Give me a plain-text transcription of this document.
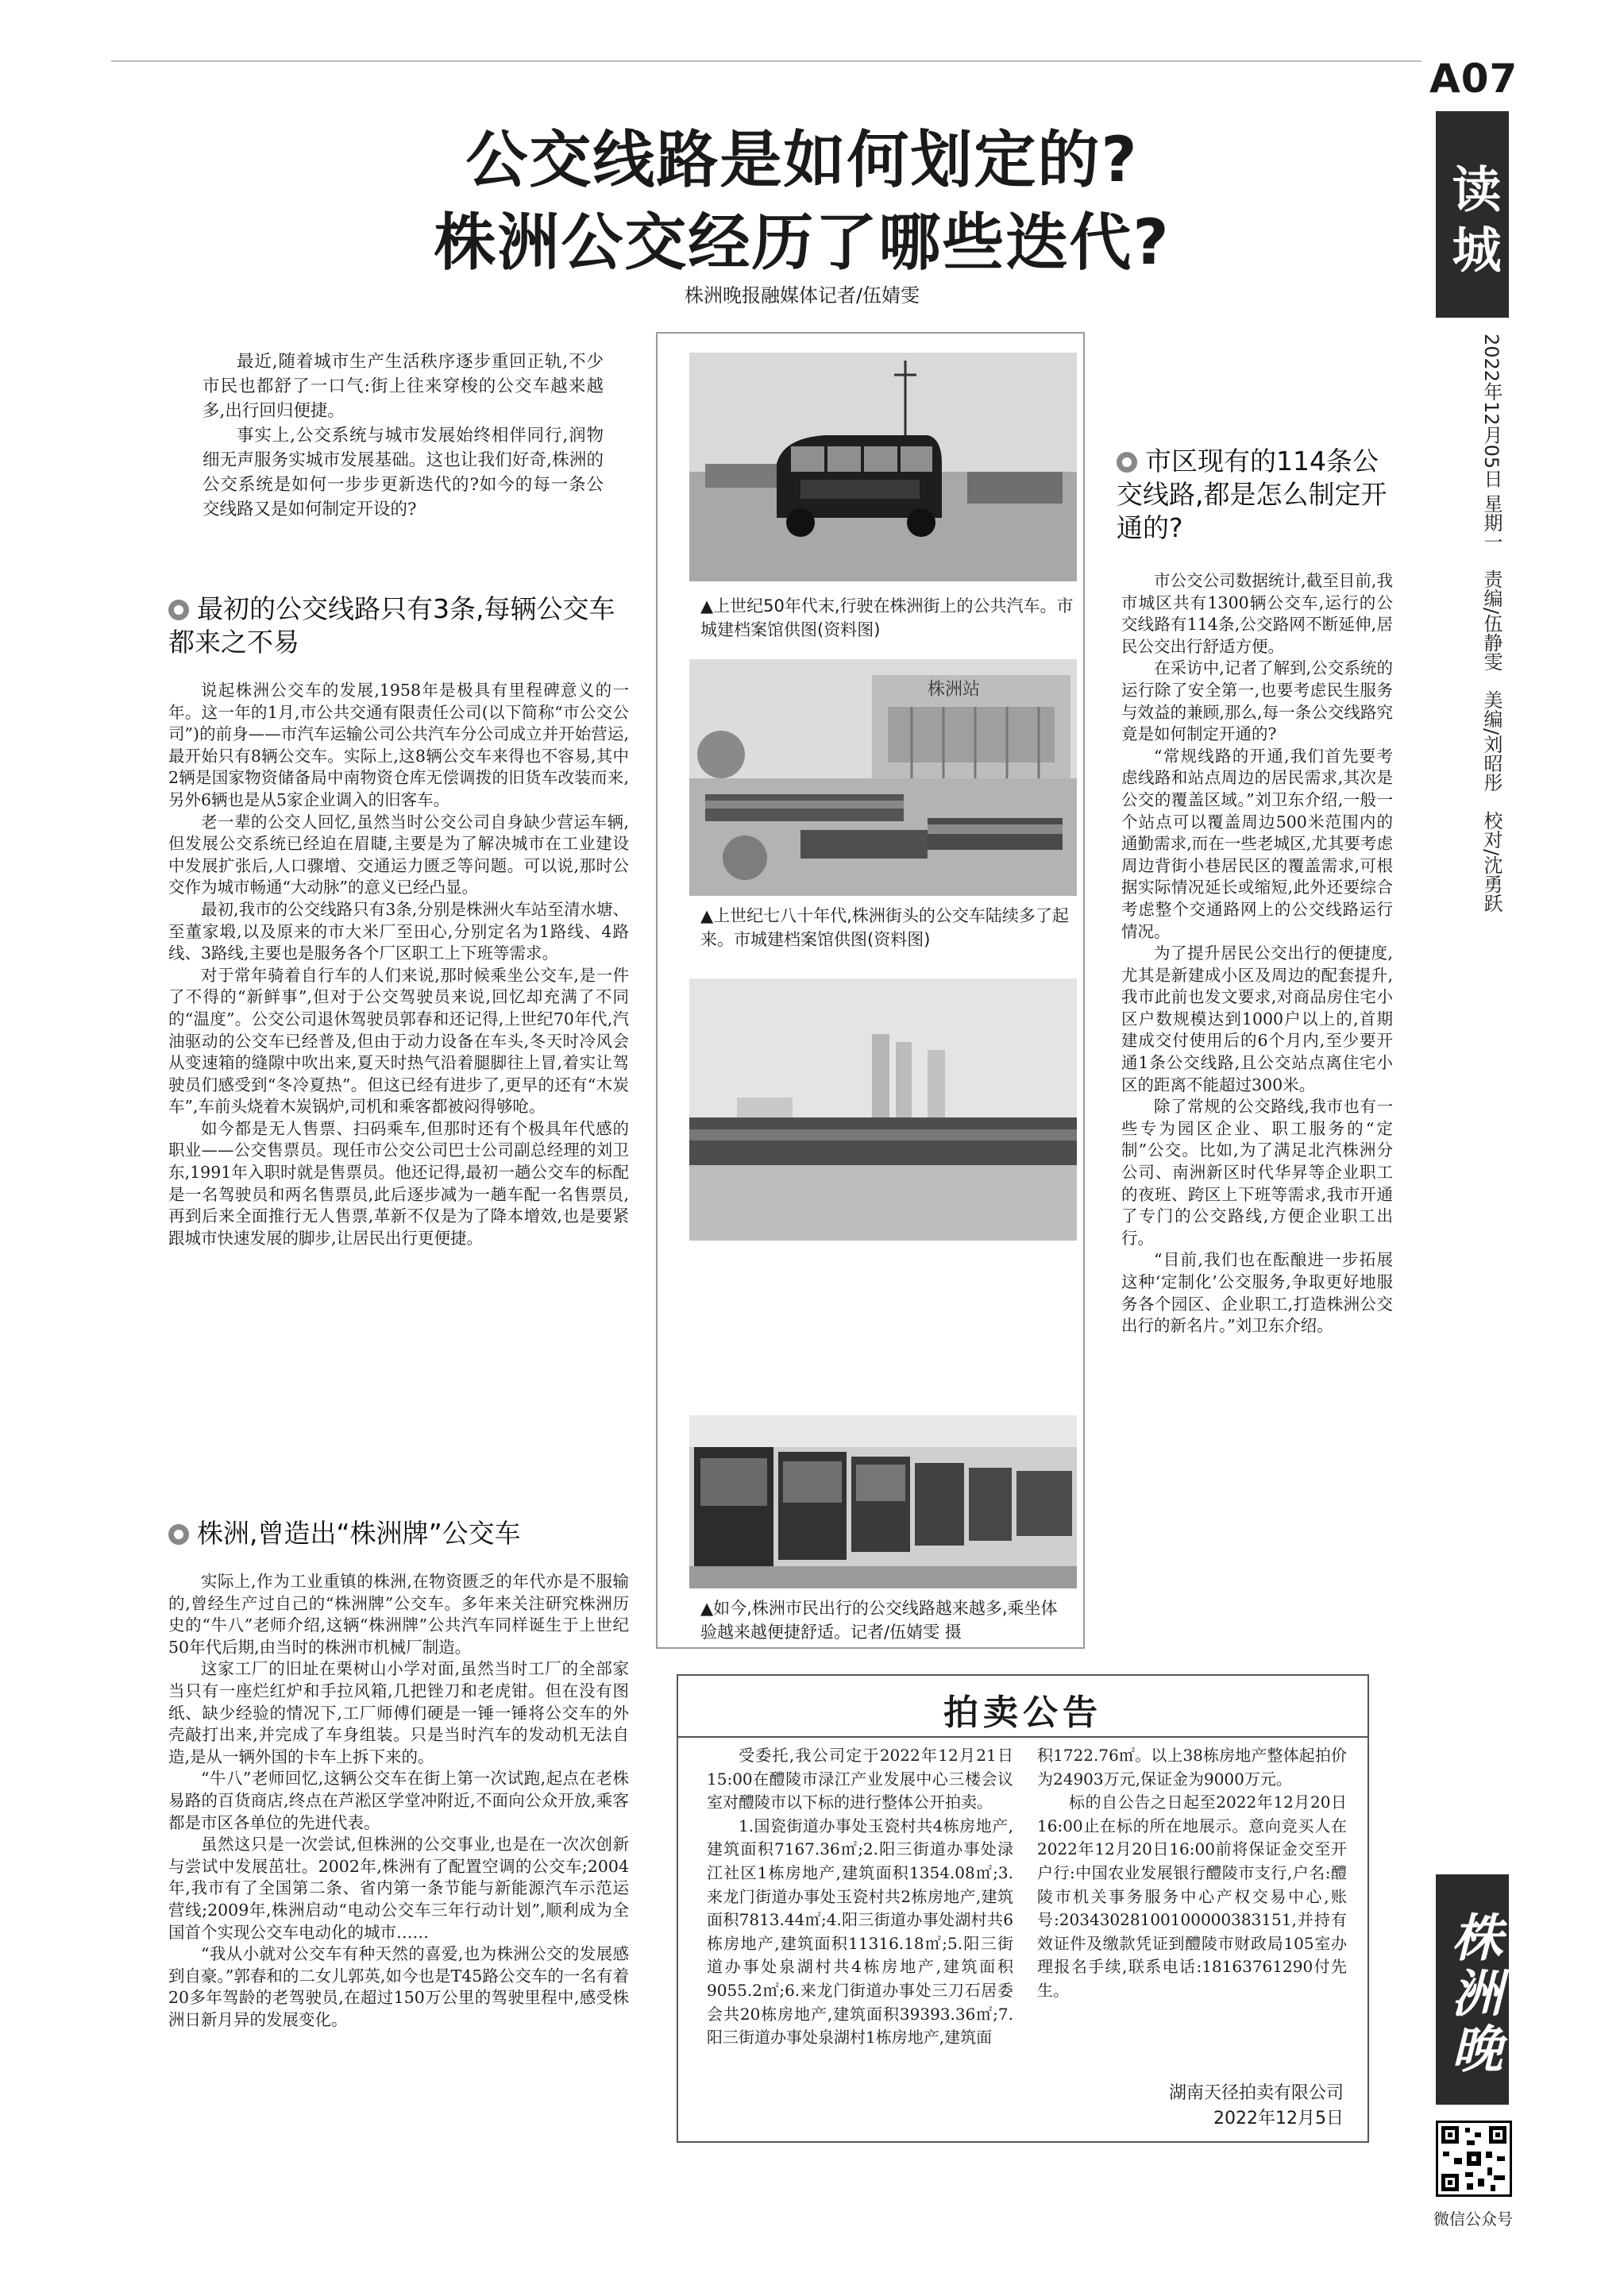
A07
读城
2022年12月05日 星期一 责编/伍静雯 美编/刘昭彤 校对/沈勇跃
公交线路是如何划定的?
株洲公交经历了哪些迭代?
株洲晚报融媒体记者/伍婧雯

最近,随着城市生产生活秩序逐步重回正轨,不少市民也都舒了一口气:街上往来穿梭的公交车越来越多,出行回归便捷。

事实上,公交系统与城市发展始终相伴同行,润物细无声服务实城市发展基础。这也让我们好奇,株洲的公交系统是如何一步步更新迭代的?如今的每一条公交线路又是如何制定开设的?

最初的公交线路只有3条,每辆公交车都来之不易

说起株洲公交车的发展,1958年是极具有里程碑意义的一年。这一年的1月,市公共交通有限责任公司(以下简称“市公交公司”)的前身——市汽车运输公司公共汽车分公司成立并开始营运,最开始只有8辆公交车。实际上,这8辆公交车来得也不容易,其中2辆是国家物资储备局中南物资仓库无偿调拨的旧货车改装而来,另外6辆也是从5家企业调入的旧客车。

老一辈的公交人回忆,虽然当时公交公司自身缺少营运车辆,但发展公交系统已经迫在眉睫,主要是为了解决城市在工业建设中发展扩张后,人口骤增、交通运力匮乏等问题。可以说,那时公交作为城市畅通“大动脉”的意义已经凸显。

最初,我市的公交线路只有3条,分别是株洲火车站至清水塘、至董家塅,以及原来的市大米厂至田心,分别定名为1路线、4路线、3路线,主要也是服务各个厂区职工上下班等需求。

对于常年骑着自行车的人们来说,那时候乘坐公交车,是一件了不得的“新鲜事”,但对于公交驾驶员来说,回忆却充满了不同的“温度”。公交公司退休驾驶员郭春和还记得,上世纪70年代,汽油驱动的公交车已经普及,但由于动力设备在车头,冬天时冷风会从变速箱的缝隙中吹出来,夏天时热气沿着腿脚往上冒,着实让驾驶员们感受到“冬冷夏热”。但这已经有进步了,更早的还有“木炭车”,车前头烧着木炭锅炉,司机和乘客都被闷得够呛。

如今都是无人售票、扫码乘车,但那时还有个极具年代感的职业——公交售票员。现任市公交公司巴士公司副总经理的刘卫东,1991年入职时就是售票员。他还记得,最初一趟公交车的标配是一名驾驶员和两名售票员,此后逐步减为一趟车配一名售票员,再到后来全面推行无人售票,革新不仅是为了降本增效,也是要紧跟城市快速发展的脚步,让居民出行更便捷。

株洲,曾造出“株洲牌”公交车

实际上,作为工业重镇的株洲,在物资匮乏的年代亦是不服输的,曾经生产过自己的“株洲牌”公交车。多年来关注研究株洲历史的“牛八”老师介绍,这辆“株洲牌”公共汽车同样诞生于上世纪50年代后期,由当时的株洲市机械厂制造。

这家工厂的旧址在栗树山小学对面,虽然当时工厂的全部家当只有一座烂红炉和手拉风箱,几把锉刀和老虎钳。但在没有图纸、缺少经验的情况下,工厂师傅们硬是一锤一锤将公交车的外壳敲打出来,并完成了车身组装。只是当时汽车的发动机无法自造,是从一辆外国的卡车上拆下来的。

“牛八”老师回忆,这辆公交车在街上第一次试跑,起点在老株易路的百货商店,终点在芦淞区学堂冲附近,不面向公众开放,乘客都是市区各单位的先进代表。

虽然这只是一次尝试,但株洲的公交事业,也是在一次次创新与尝试中发展茁壮。2002年,株洲有了配置空调的公交车;2004年,我市有了全国第二条、省内第一条节能与新能源汽车示范运营线;2009年,株洲启动“电动公交车三年行动计划”,顺利成为全国首个实现公交车电动化的城市……

“我从小就对公交车有种天然的喜爱,也为株洲公交的发展感到自豪。”郭春和的二女儿郭英,如今也是T45路公交车的一名有着20多年驾龄的老驾驶员,在超过150万公里的驾驶里程中,感受株洲日新月异的发展变化。

▲上世纪50年代末,行驶在株洲街上的公共汽车。市城建档案馆供图(资料图)
株洲站
▲上世纪七八十年代,株洲街头的公交车陆续多了起来。市城建档案馆供图(资料图)
▲如今,株洲市民出行的公交线路越来越多,乘坐体验越来越便捷舒适。记者/伍婧雯 摄
市区现有的114条公交线路,都是怎么制定开通的?

市公交公司数据统计,截至目前,我市城区共有1300辆公交车,运行的公交线路有114条,公交路网不断延伸,居民公交出行舒适方便。

在采访中,记者了解到,公交系统的运行除了安全第一,也要考虑民生服务与效益的兼顾,那么,每一条公交线路究竟是如何制定开通的?

“常规线路的开通,我们首先要考虑线路和站点周边的居民需求,其次是公交的覆盖区域。”刘卫东介绍,一般一个站点可以覆盖周边500米范围内的通勤需求,而在一些老城区,尤其要考虑周边背街小巷居民区的覆盖需求,可根据实际情况延长或缩短,此外还要综合考虑整个交通路网上的公交线路运行情况。

为了提升居民公交出行的便捷度,尤其是新建成小区及周边的配套提升,我市此前也发文要求,对商品房住宅小区户数规模达到1000户以上的,首期建成交付使用后的6个月内,至少要开通1条公交线路,且公交站点离住宅小区的距离不能超过300米。

除了常规的公交路线,我市也有一些专为园区企业、职工服务的“定制”公交。比如,为了满足北汽株洲分公司、南洲新区时代华昇等企业职工的夜班、跨区上下班等需求,我市开通了专门的公交路线,方便企业职工出行。

“目前,我们也在酝酿进一步拓展这种‘定制化’公交服务,争取更好地服务各个园区、企业职工,打造株洲公交出行的新名片。”刘卫东介绍。

拍卖公告

受委托,我公司定于2022年12月21日15:00在醴陵市渌江产业发展中心三楼会议室对醴陵市以下标的进行整体公开拍卖。

1.国瓷街道办事处玉瓷村共4栋房地产,建筑面积7167.36㎡;2.阳三街道办事处渌江社区1栋房地产,建筑面积1354.08㎡;3.来龙门街道办事处玉瓷村共2栋房地产,建筑面积7813.44㎡;4.阳三街道办事处湖村共6栋房地产,建筑面积11316.18㎡;5.阳三街道办事处泉湖村共4栋房地产,建筑面积9055.2㎡;6.来龙门街道办事处三刀石居委会共20栋房地产,建筑面积39393.36㎡;7.阳三街道办事处泉湖村1栋房地产,建筑面

积1722.76㎡。以上38栋房地产整体起拍价为24903万元,保证金为9000万元。

标的自公告之日起至2022年12月20日16:00止在标的所在地展示。意向竞买人在2022年12月20日16:00前将保证金交至开户行:中国农业发展银行醴陵市支行,户名:醴陵市机关事务服务中心产权交易中心,账号:20343028100100000383151,并持有效证件及缴款凭证到醴陵市财政局105室办理报名手续,联系电话:18163761290付先生。

湖南天径拍卖有限公司
2022年12月5日
株洲晚报
微信公众号
